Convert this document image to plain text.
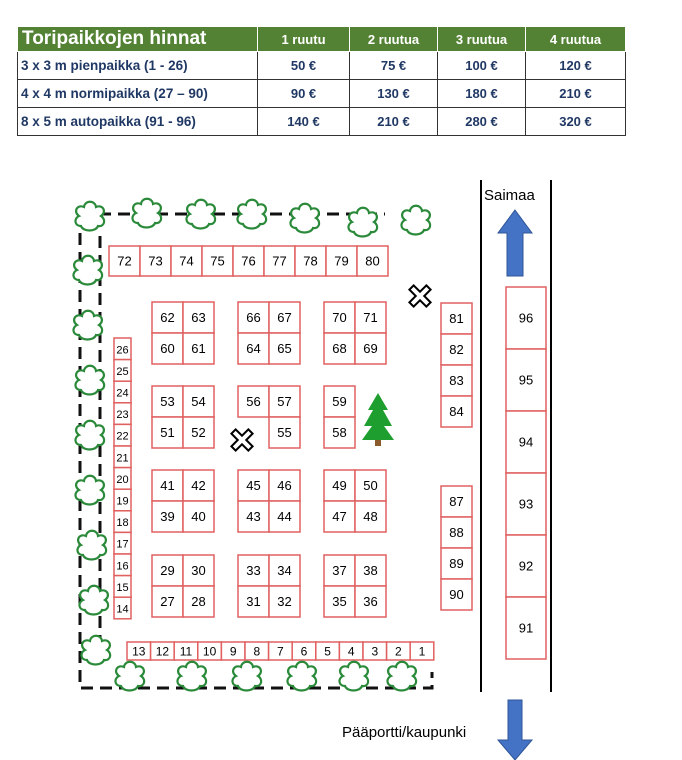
Toripaikkojen hinnat	1 ruutu	2 ruutua	3 ruutua	4 ruutua
3 x 3 m pienpaikka (1 - 26)	50 €	75 €	100 €	120 €
4 x 4 m normipaikka (27 – 90)	90 €	130 €	180 €	210 €
8 x 5 m autopaikka (91 - 96)	140 €	210 €	280 €	320 €
Saimaa
Pääportti/kaupunki
72 73 74 75 76 77 78 79 80
13 12 11 10 9 8 7 6 5 4 3 2 1
26
25
24
23
22
21
20
19
18
17
16
15
14
62 63
60 61
66 67
64 65
70 71
68 69
53 54
51 52
56 57
55
59
58
41 42
39 40
45 46
43 44
49 50
47 48
29 30
27 28
33 34
31 32
37 38
35 36
81
82
83
84
87
88
89
90
96
95
94
93
92
91
